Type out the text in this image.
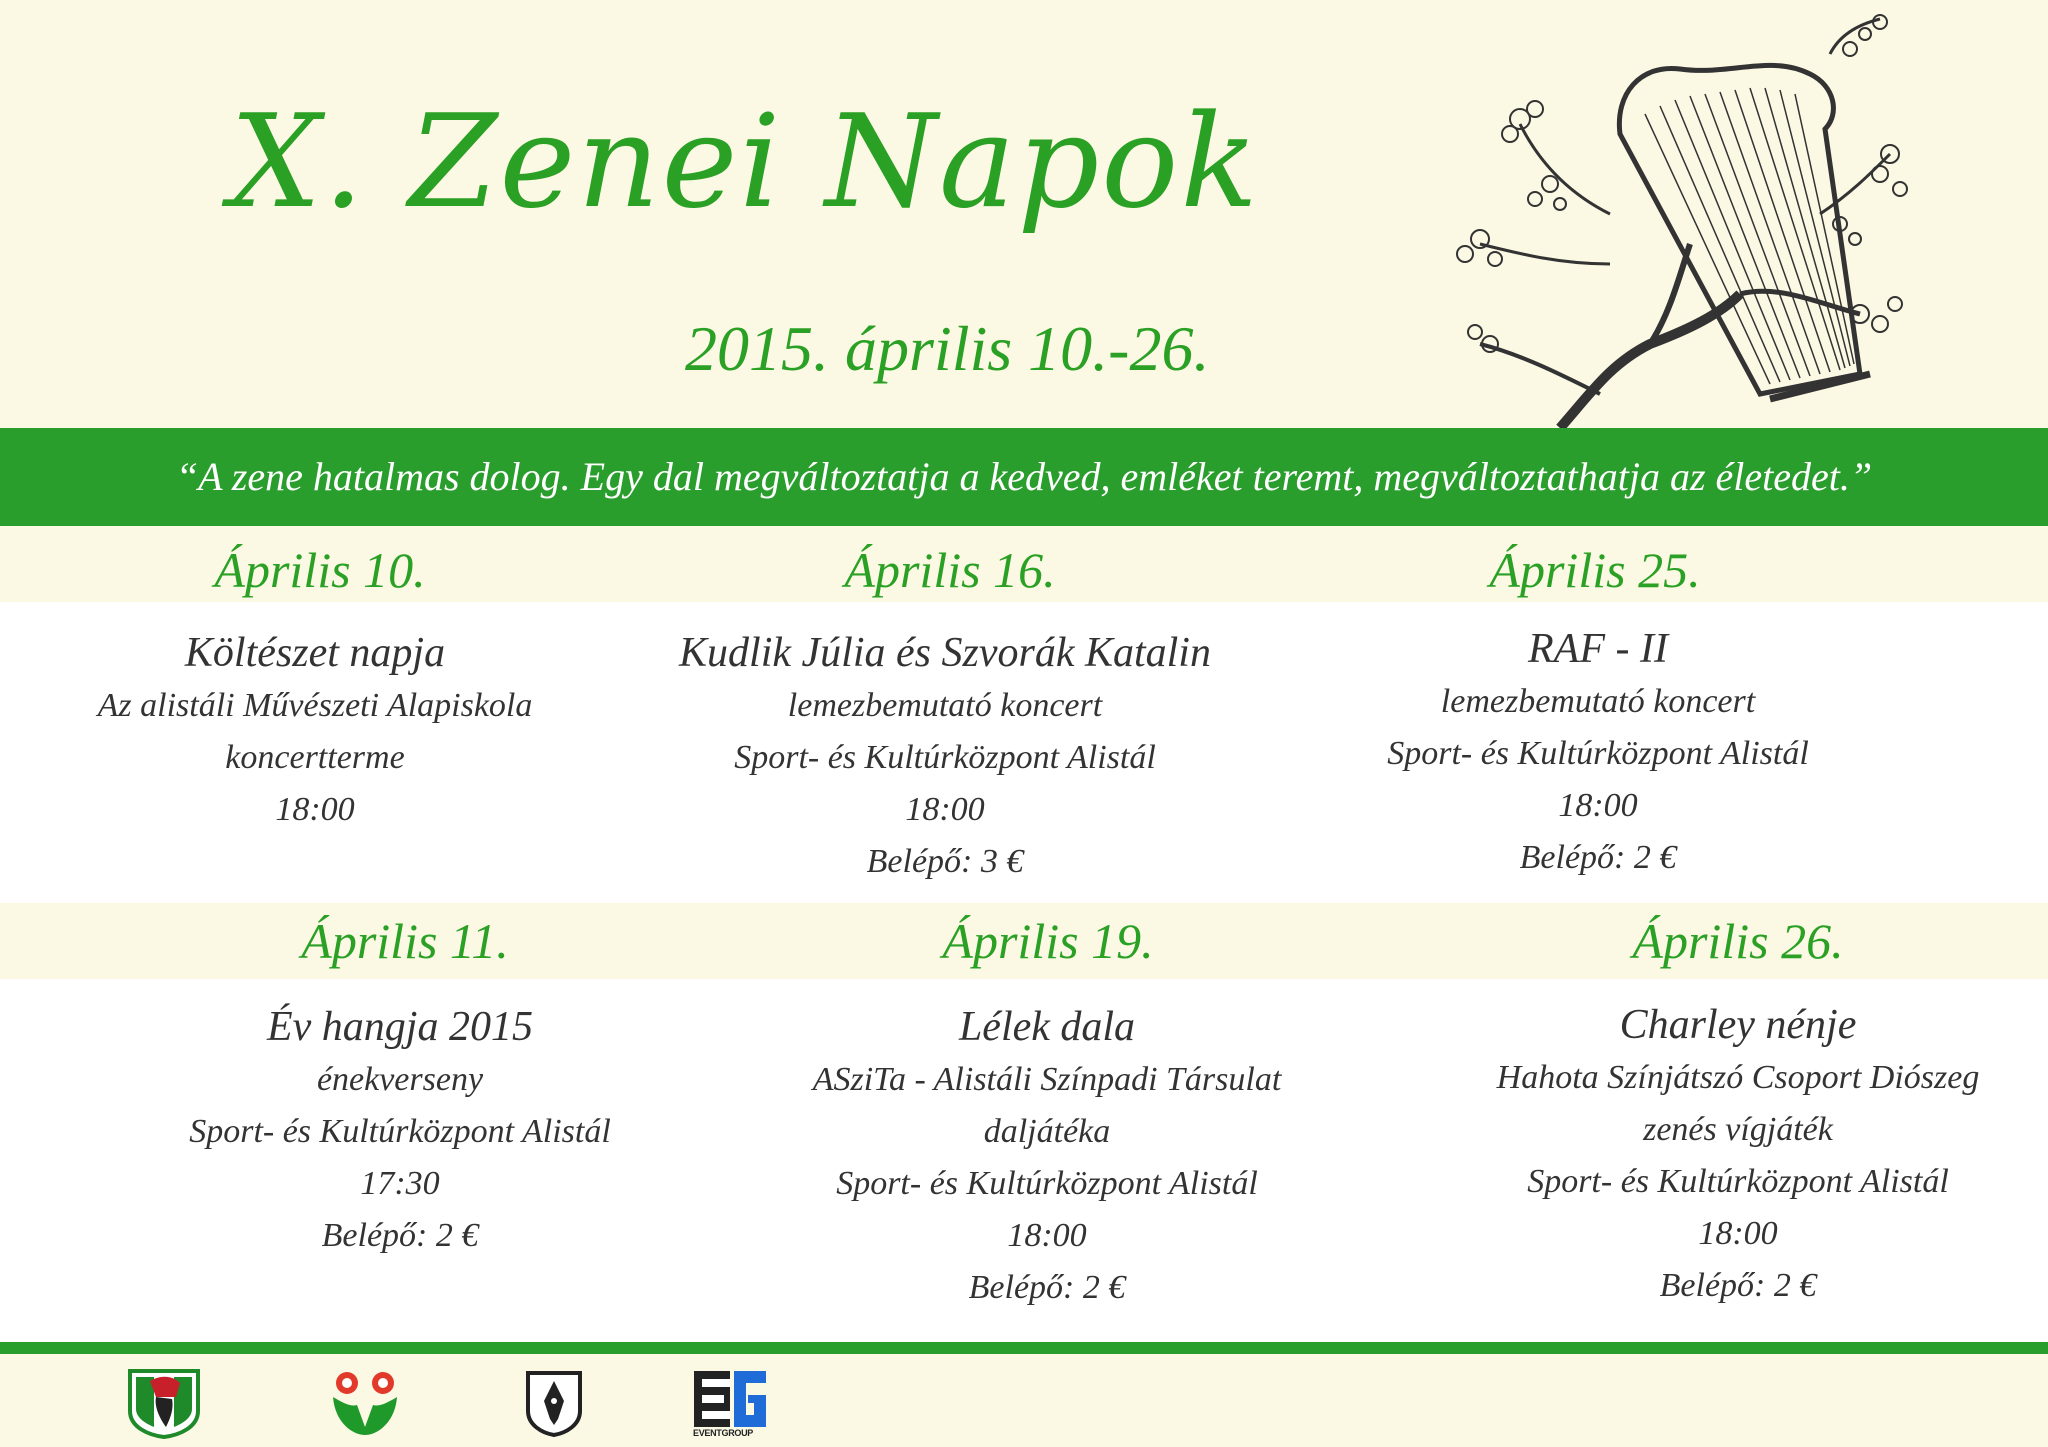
X. Zenei Napok
2015. április 10.-26.
“A zene hatalmas dolog. Egy dal megváltoztatja a kedved, emléket teremt, megváltoztathatja az életedet.”
Április 10.	Április 16.	Április 25.
Költészet napja
Az alistáli Művészeti Alapiskola
koncertterme
18:00
Kudlik Júlia és Szvorák Katalin
lemezbemutató koncert
Sport- és Kultúrközpont Alistál
18:00
Belépő: 3 €
RAF - II
lemezbemutató koncert
Sport- és Kultúrközpont Alistál
18:00
Belépő: 2 €
Április 11.	Április 19.	Április 26.
Év hangja 2015
énekverseny
Sport- és Kultúrközpont Alistál
17:30
Belépő: 2 €
Lélek dala
ASziTa - Alistáli Színpadi Társulat
daljátéka
Sport- és Kultúrközpont Alistál
18:00
Belépő: 2 €
Charley nénje
Hahota Színjátszó Csoport Diószeg
zenés vígjáték
Sport- és Kultúrközpont Alistál
18:00
Belépő: 2 €
EVENTGROUP
